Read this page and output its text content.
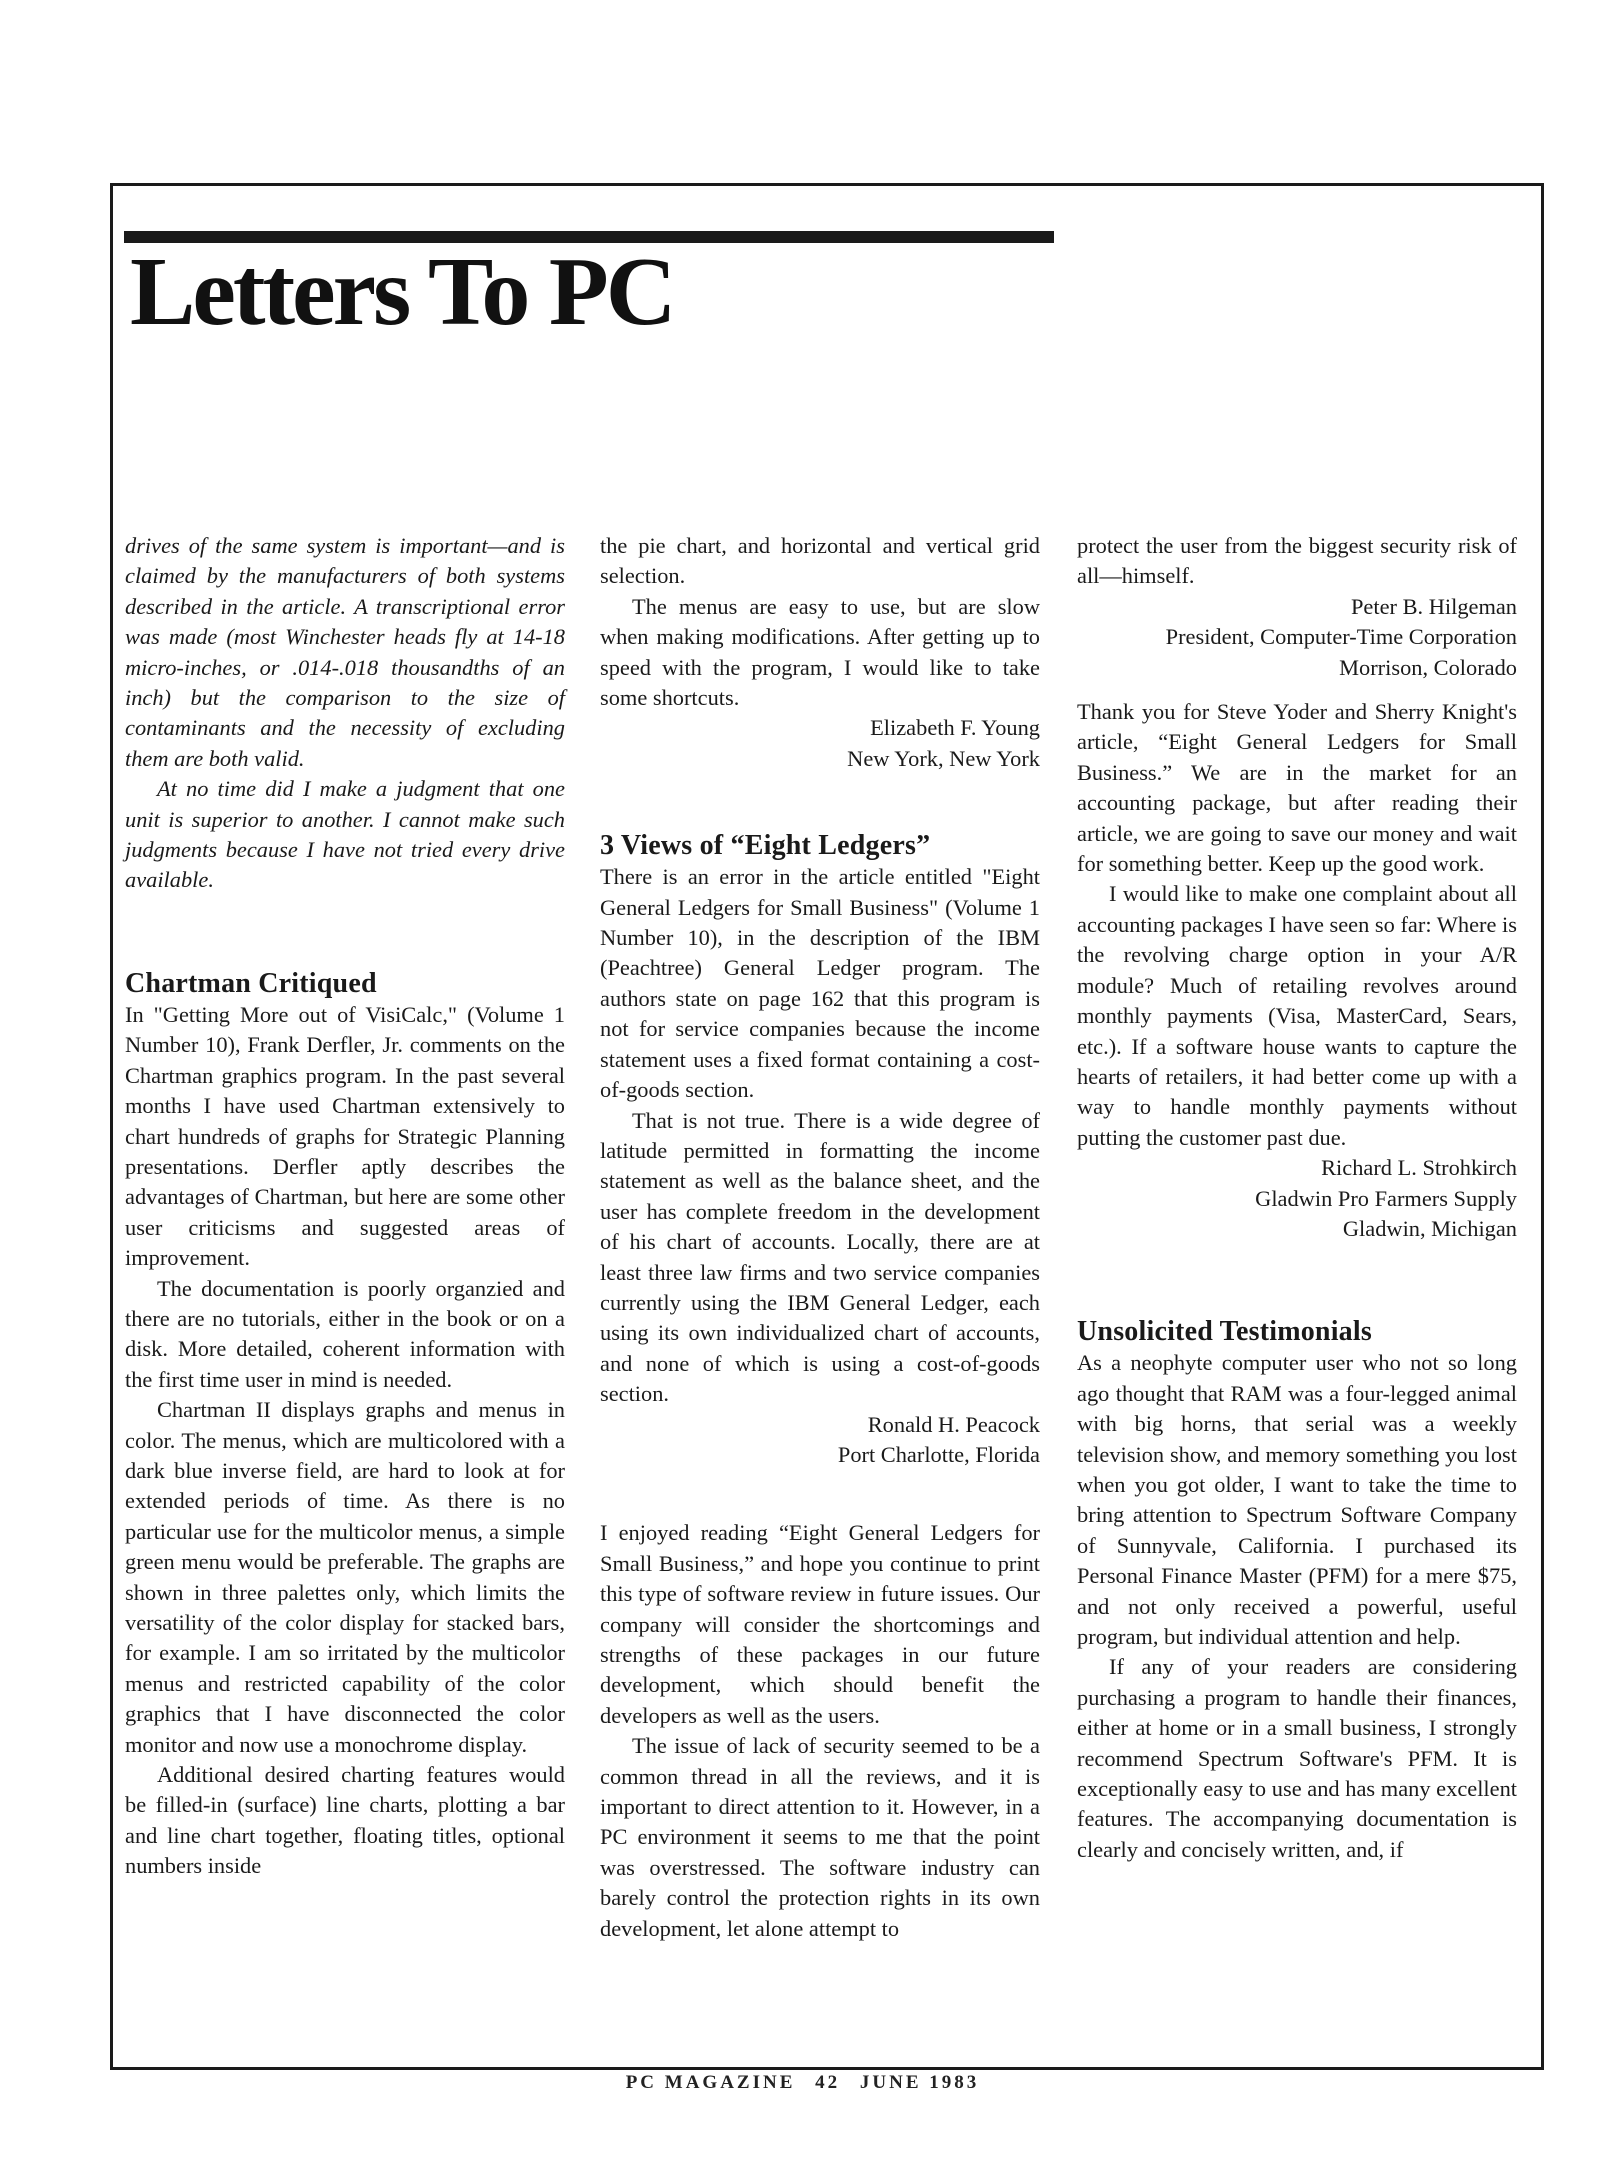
Letters To PC

drives of the same system is important—and is claimed by the manufacturers of both systems described in the article. A transcriptional error was made (most Winchester heads fly at 14-18 micro-inches, or .014-.018 thousandths of an inch) but the comparison to the size of contaminants and the necessity of excluding them are both valid.

At no time did I make a judgment that one unit is superior to another. I cannot make such judgments because I have not tried every drive available.

Chartman Critiqued

In "Getting More out of VisiCalc," (Volume 1 Number 10), Frank Derfler, Jr. comments on the Chartman graphics program. In the past several months I have used Chartman extensively to chart hundreds of graphs for Strategic Planning presentations. Derfler aptly describes the advantages of Chartman, but here are some other user criticisms and suggested areas of improvement.

The documentation is poorly organzied and there are no tutorials, either in the book or on a disk. More detailed, coherent information with the first time user in mind is needed.

Chartman II displays graphs and menus in color. The menus, which are multicolored with a dark blue inverse field, are hard to look at for extended periods of time. As there is no particular use for the multicolor menus, a simple green menu would be preferable. The graphs are shown in three palettes only, which limits the versatility of the color display for stacked bars, for example. I am so irritated by the multicolor menus and restricted capability of the color graphics that I have disconnected the color monitor and now use a monochrome display.

Additional desired charting features would be filled-in (surface) line charts, plotting a bar and line chart together, floating titles, optional numbers inside

the pie chart, and horizontal and vertical grid selection.

The menus are easy to use, but are slow when making modifications. After getting up to speed with the program, I would like to take some shortcuts.

Elizabeth F. Young
New York, New York
3 Views of “Eight Ledgers”

There is an error in the article entitled "Eight General Ledgers for Small Business" (Volume 1 Number 10), in the description of the IBM (Peachtree) General Ledger program. The authors state on page 162 that this program is not for service companies because the income statement uses a fixed format containing a cost-of-goods section.

That is not true. There is a wide degree of latitude permitted in formatting the income statement as well as the balance sheet, and the user has complete freedom in the development of his chart of accounts. Locally, there are at least three law firms and two service companies currently using the IBM General Ledger, each using its own individualized chart of accounts, and none of which is using a cost-of-goods section.

Ronald H. Peacock
Port Charlotte, Florida

I enjoyed reading “Eight General Ledgers for Small Business,” and hope you continue to print this type of software review in future issues. Our company will consider the shortcomings and strengths of these packages in our future development, which should benefit the developers as well as the users.

The issue of lack of security seemed to be a common thread in all the reviews, and it is important to direct attention to it. However, in a PC environment it seems to me that the point was overstressed. The software industry can barely control the protection rights in its own development, let alone attempt to

protect the user from the biggest security risk of all—himself.

Peter B. Hilgeman
President, Computer-Time Corporation
Morrison, Colorado

Thank you for Steve Yoder and Sherry Knight's article, “Eight General Ledgers for Small Business.” We are in the market for an accounting package, but after reading their article, we are going to save our money and wait for something better. Keep up the good work.

I would like to make one complaint about all accounting packages I have seen so far: Where is the revolving charge option in your A/R module? Much of retailing revolves around monthly payments (Visa, MasterCard, Sears, etc.). If a software house wants to capture the hearts of retailers, it had better come up with a way to handle monthly payments without putting the customer past due.

Richard L. Strohkirch
Gladwin Pro Farmers Supply
Gladwin, Michigan
Unsolicited Testimonials

As a neophyte computer user who not so long ago thought that RAM was a four-legged animal with big horns, that serial was a weekly television show, and memory something you lost when you got older, I want to take the time to bring attention to Spectrum Software Company of Sunnyvale, California. I purchased its Personal Finance Master (PFM) for a mere $75, and not only received a powerful, useful program, but individual attention and help.

If any of your readers are considering purchasing a program to handle their finances, either at home or in a small business, I strongly recommend Spectrum Software's PFM. It is exceptionally easy to use and has many excellent features. The accompanying documentation is clearly and concisely written, and, if

PC MAGAZINE 42 JUNE 1983
